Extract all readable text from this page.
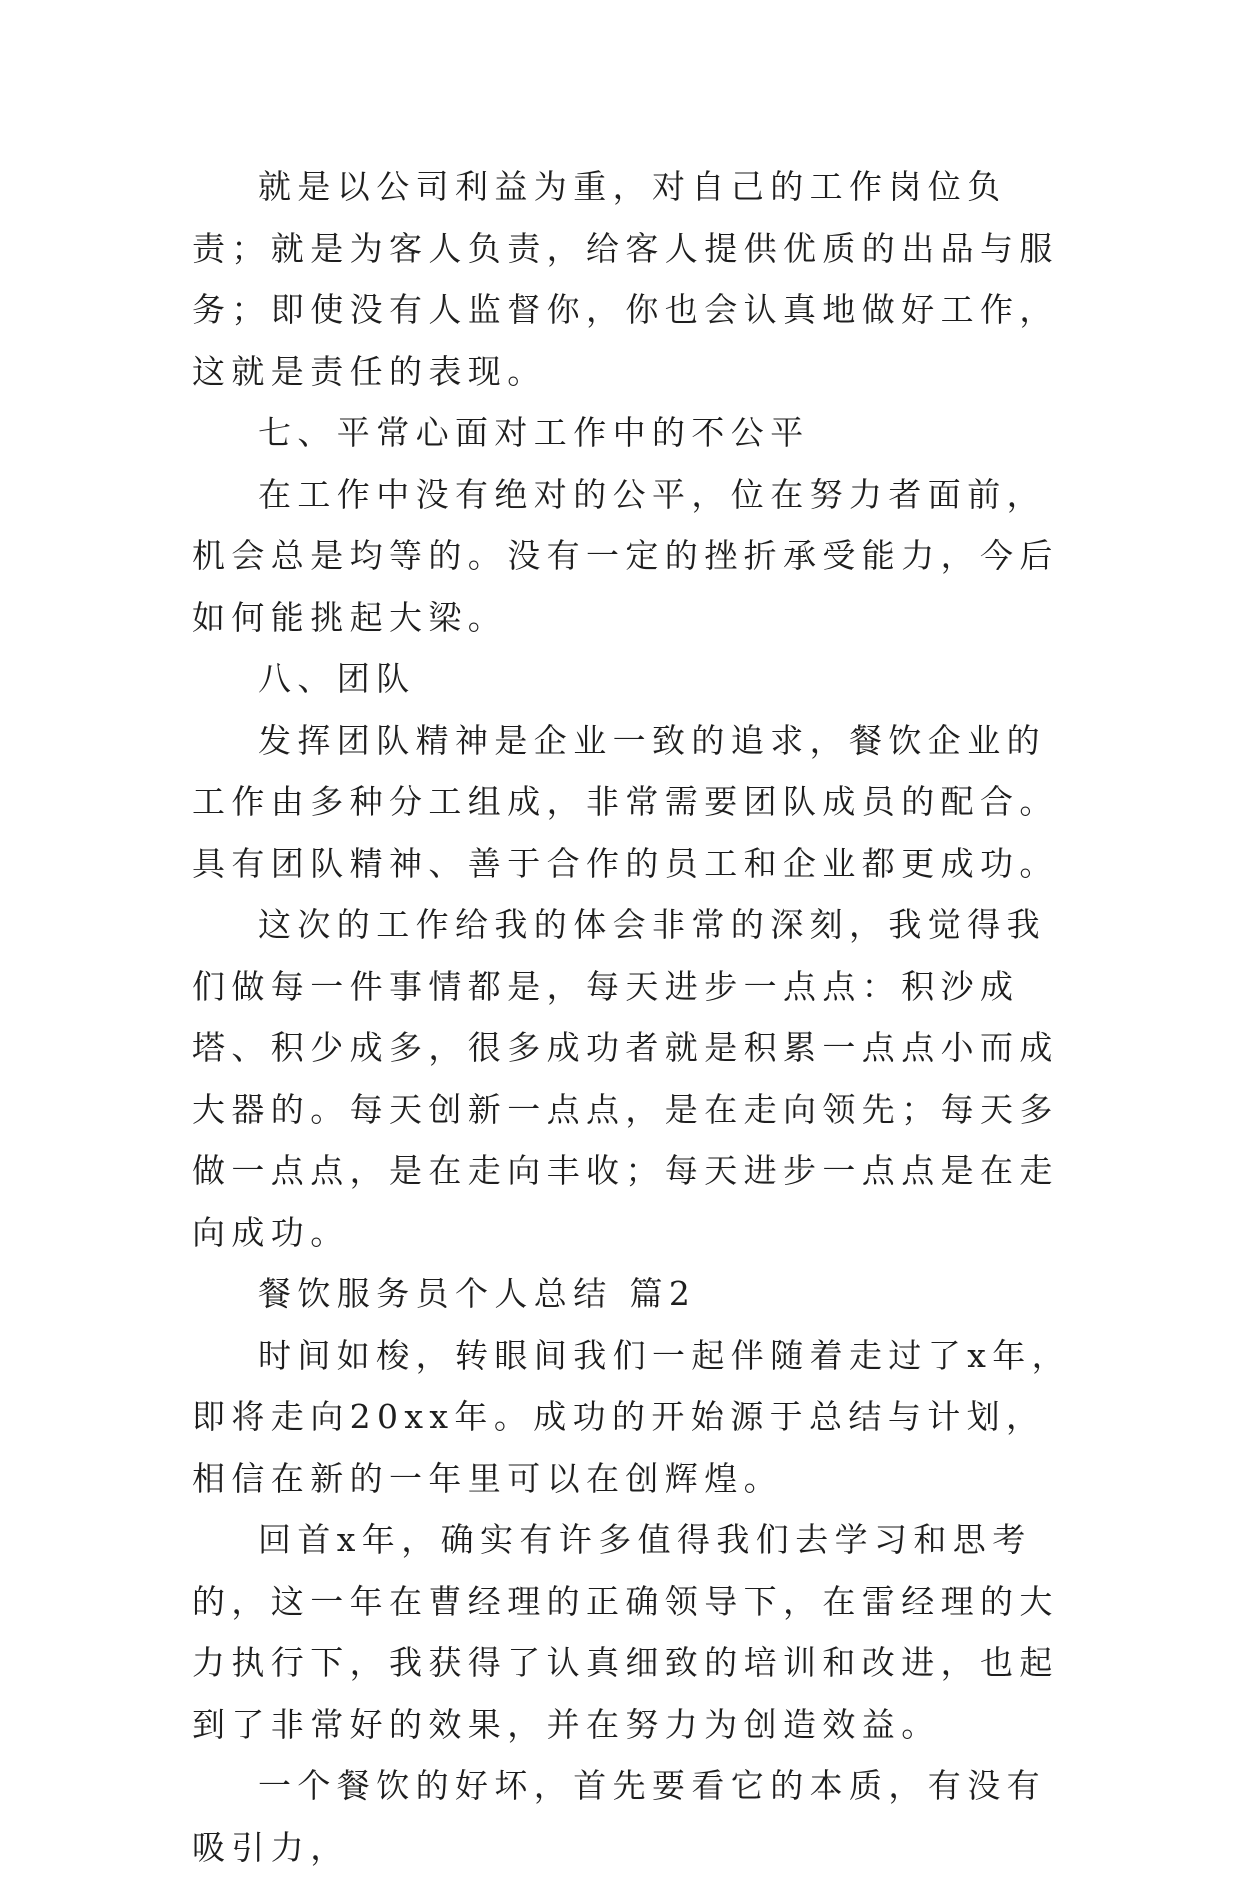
就是以公司利益为重，对自己的工作岗位负责；就是为客人负责，给客人提供优质的出品与服务；即使没有人监督你，你也会认真地做好工作，这就是责任的表现。

七、平常心面对工作中的不公平

在工作中没有绝对的公平，位在努力者面前，机会总是均等的。没有一定的挫折承受能力，今后如何能挑起大梁。

八、团队

发挥团队精神是企业一致的追求，餐饮企业的工作由多种分工组成，非常需要团队成员的配合。具有团队精神、善于合作的员工和企业都更成功。

这次的工作给我的体会非常的深刻，我觉得我们做每一件事情都是，每天进步一点点：积沙成塔、积少成多，很多成功者就是积累一点点小而成大器的。每天创新一点点，是在走向领先；每天多做一点点，是在走向丰收；每天进步一点点是在走向成功。

餐饮服务员个人总结 篇2

时间如梭，转眼间我们一起伴随着走过了x年，即将走向20xx年。成功的开始源于总结与计划，相信在新的一年里可以在创辉煌。

回首x年，确实有许多值得我们去学习和思考的，这一年在曹经理的正确领导下，在雷经理的大力执行下，我获得了认真细致的培训和改进，也起到了非常好的效果，并在努力为创造效益。

一个餐饮的好坏，首先要看它的本质，有没有吸引力，
